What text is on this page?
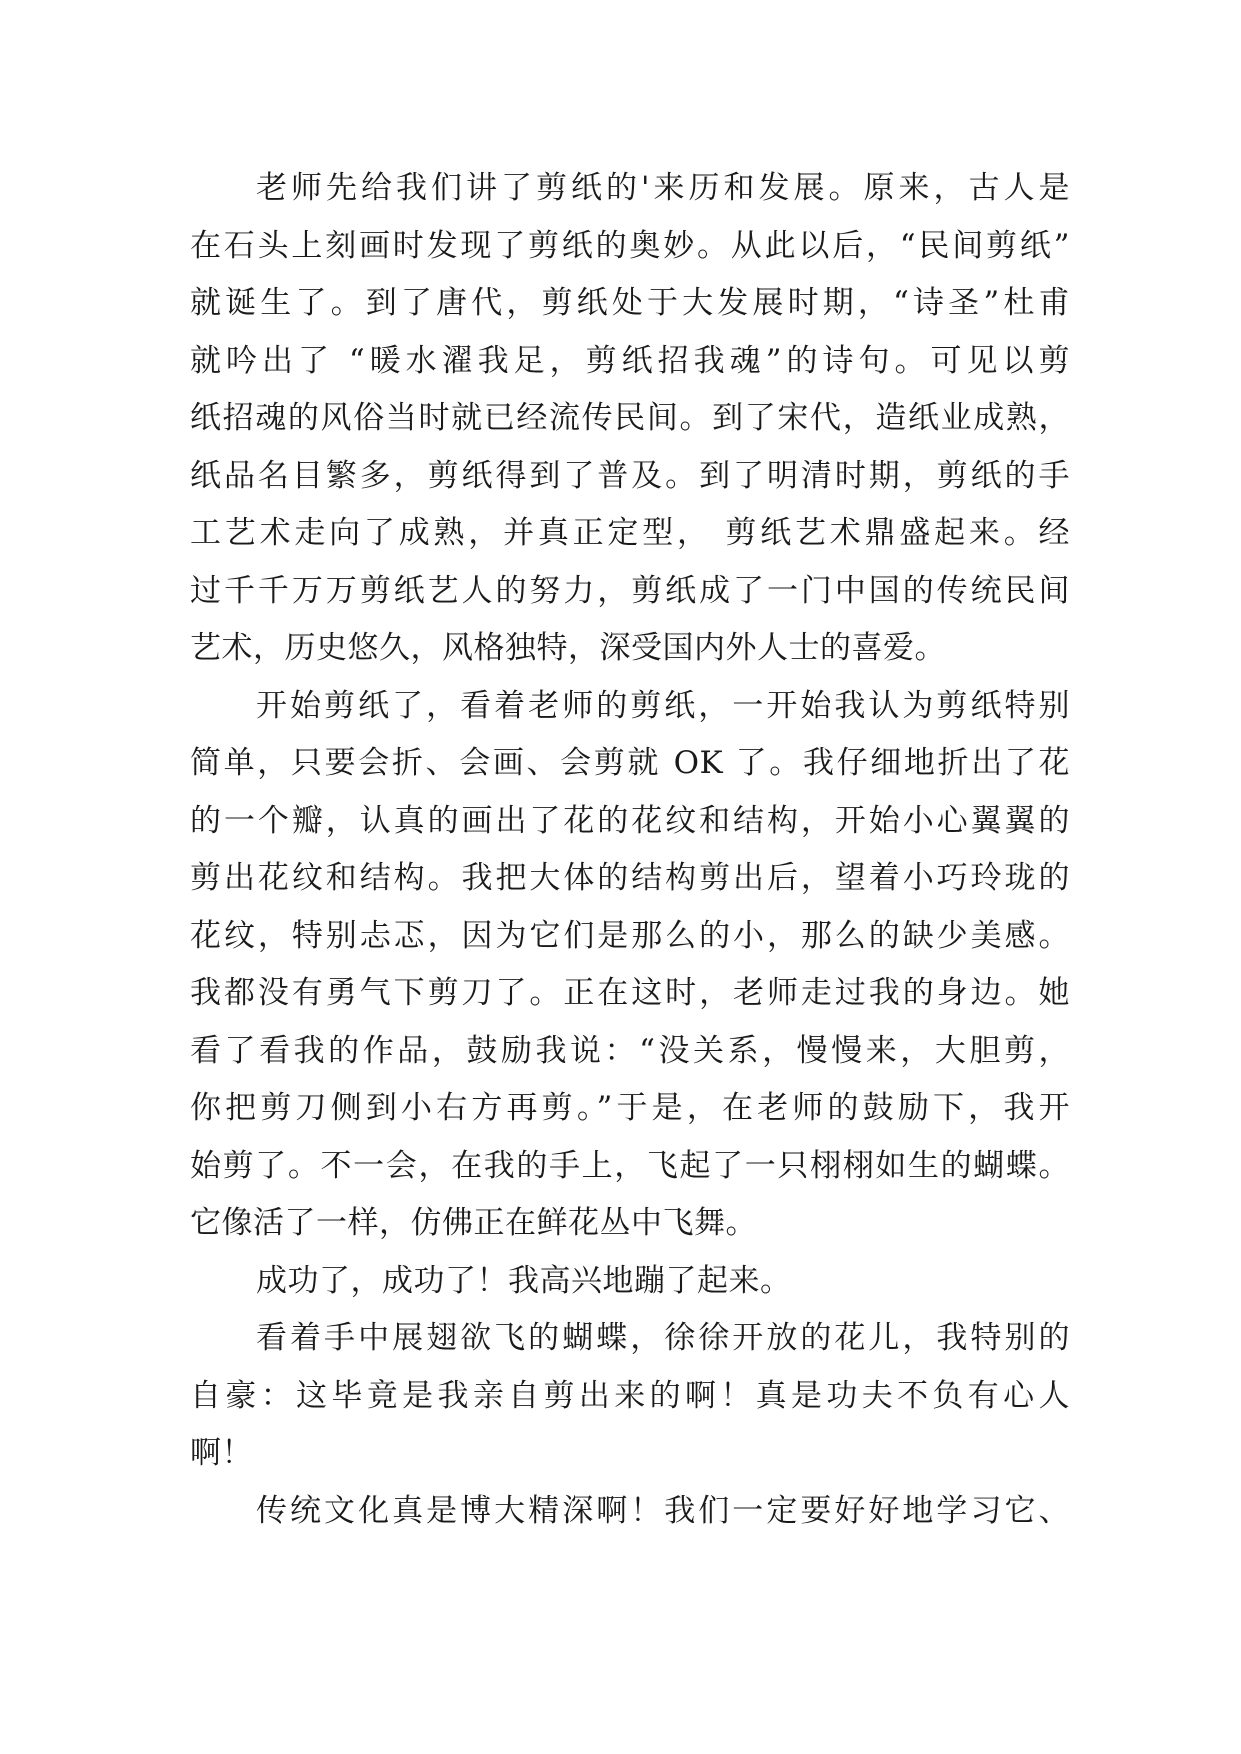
老师先给我们讲了剪纸的'来历和发展。原来，古人是
在石头上刻画时发现了剪纸的奥妙。从此以后，“民间剪纸”
就诞生了。到了唐代，剪纸处于大发展时期，“诗圣”杜甫
就吟出了 “暖水濯我足，剪纸招我魂”的诗句。可见以剪
纸招魂的风俗当时就已经流传民间。到了宋代，造纸业成熟，
纸品名目繁多，剪纸得到了普及。到了明清时期，剪纸的手
工艺术走向了成熟，并真正定型， 剪纸艺术鼎盛起来。经
过千千万万剪纸艺人的努力，剪纸成了一门中国的传统民间
艺术，历史悠久，风格独特，深受国内外人士的喜爱。
开始剪纸了，看着老师的剪纸，一开始我认为剪纸特别
简单，只要会折、会画、会剪就 OK 了。我仔细地折出了花
的一个瓣，认真的画出了花的花纹和结构，开始小心翼翼的
剪出花纹和结构。我把大体的结构剪出后，望着小巧玲珑的
花纹，特别忐忑，因为它们是那么的小，那么的缺少美感。
我都没有勇气下剪刀了。正在这时，老师走过我的身边。她
看了看我的作品，鼓励我说：“没关系，慢慢来，大胆剪，
你把剪刀侧到小右方再剪。”于是，在老师的鼓励下，我开
始剪了。不一会，在我的手上，飞起了一只栩栩如生的蝴蝶。
它像活了一样，仿佛正在鲜花丛中飞舞。
成功了，成功了！我高兴地蹦了起来。
看着手中展翅欲飞的蝴蝶，徐徐开放的花儿，我特别的
自豪：这毕竟是我亲自剪出来的啊！真是功夫不负有心人
啊！
传统文化真是博大精深啊！我们一定要好好地学习它、
